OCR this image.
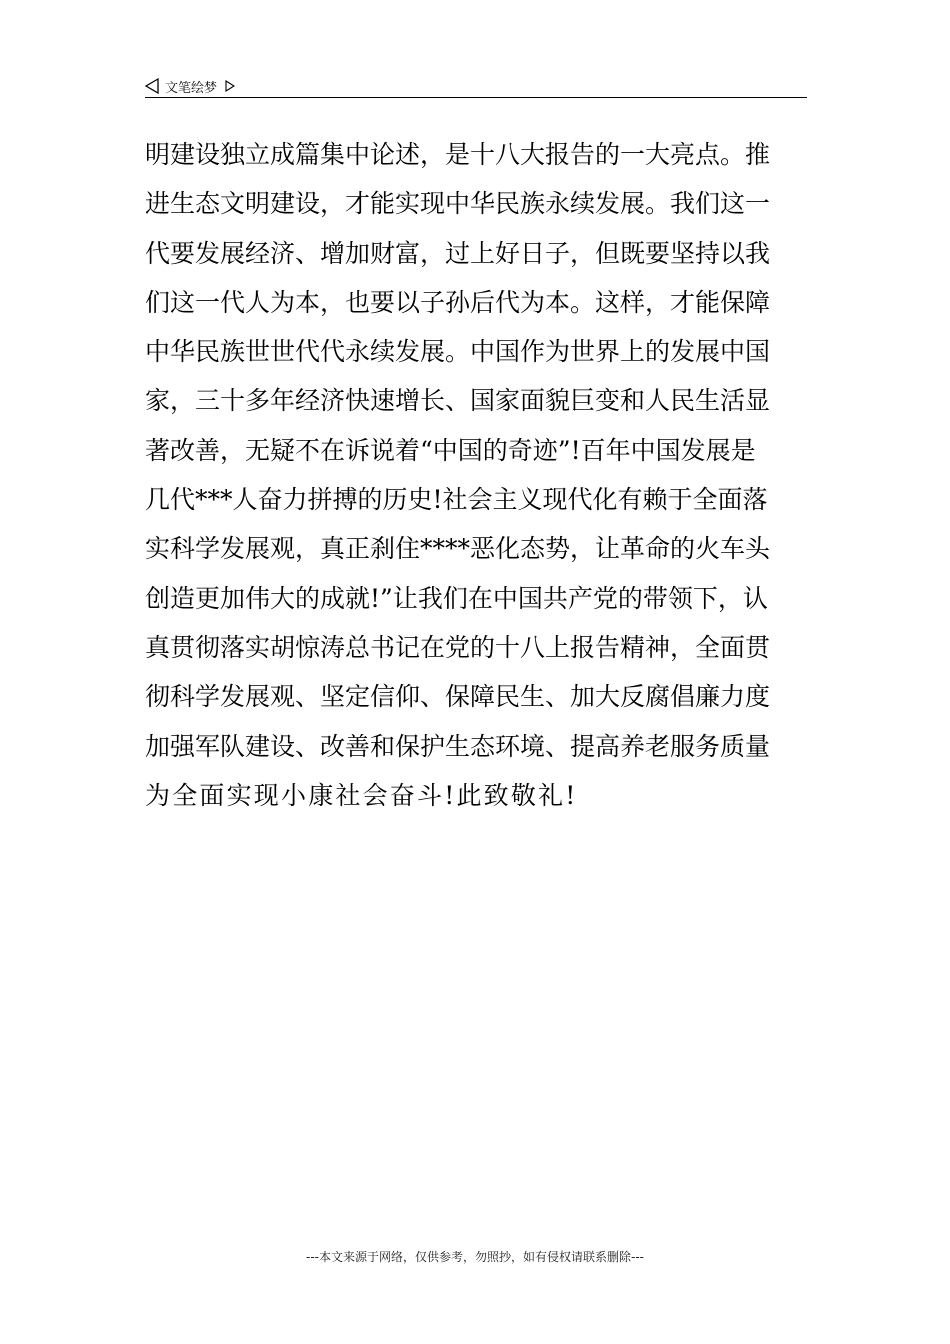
文笔绘梦
明建设独立成篇集中论述，是十八大报告的一大亮点。推
进生态文明建设，才能实现中华民族永续发展。我们这一
代要发展经济、增加财富，过上好日子，但既要坚持以我
们这一代人为本，也要以子孙后代为本。这样，才能保障
中华民族世世代代永续发展。中国作为世界上的发展中国
家，三十多年经济快速增长、国家面貌巨变和人民生活显
著改善，无疑不在诉说着“中国的奇迹”!百年中国发展是
几代***人奋力拼搏的历史!社会主义现代化有赖于全面落
实科学发展观，真正刹住****恶化态势，让革命的火车头
创造更加伟大的成就!”让我们在中国共产党的带领下，认
真贯彻落实胡惊涛总书记在党的十八上报告精神，全面贯
彻科学发展观、坚定信仰、保障民生、加大反腐倡廉力度
加强军队建设、改善和保护生态环境、提高养老服务质量
为全面实现小康社会奋斗!此致敬礼!
---本文来源于网络，仅供参考，勿照抄，如有侵权请联系删除---
